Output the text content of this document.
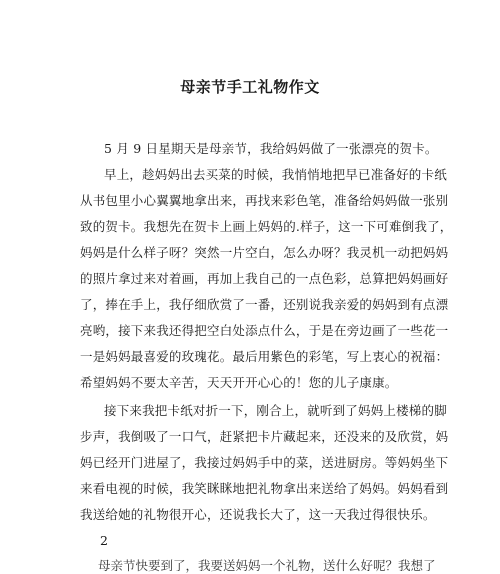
母亲节手工礼物作文
5 月 9 日星期天是母亲节，我给妈妈做了一张漂亮的贺卡。
早上，趁妈妈出去买菜的时候，我悄悄地把早已准备好的卡纸
从书包里小心翼翼地拿出来，再找来彩色笔，准备给妈妈做一张别
致的贺卡。我想先在贺卡上画上妈妈的.样子，这一下可难倒我了，
妈妈是什么样子呀？突然一片空白，怎么办呀？我灵机一动把妈妈
的照片拿过来对着画，再加上我自己的一点色彩，总算把妈妈画好
了，捧在手上，我仔细欣赏了一番，还别说我亲爱的妈妈到有点漂
亮哟，接下来我还得把空白处添点什么，于是在旁边画了一些花一
一是妈妈最喜爱的玫瑰花。最后用紫色的彩笔，写上衷心的祝福：
希望妈妈不要太辛苦，天天开开心心的！您的儿子康康。
接下来我把卡纸对折一下，刚合上，就听到了妈妈上楼梯的脚
步声，我倒吸了一口气，赶紧把卡片藏起来，还没来的及欣赏，妈
妈已经开门进屋了，我接过妈妈手中的菜，送进厨房。等妈妈坐下
来看电视的时候，我笑眯眯地把礼物拿出来送给了妈妈。妈妈看到
我送给她的礼物很开心，还说我长大了，这一天我过得很快乐。
2
母亲节快要到了，我要送妈妈一个礼物，送什么好呢？我想了
